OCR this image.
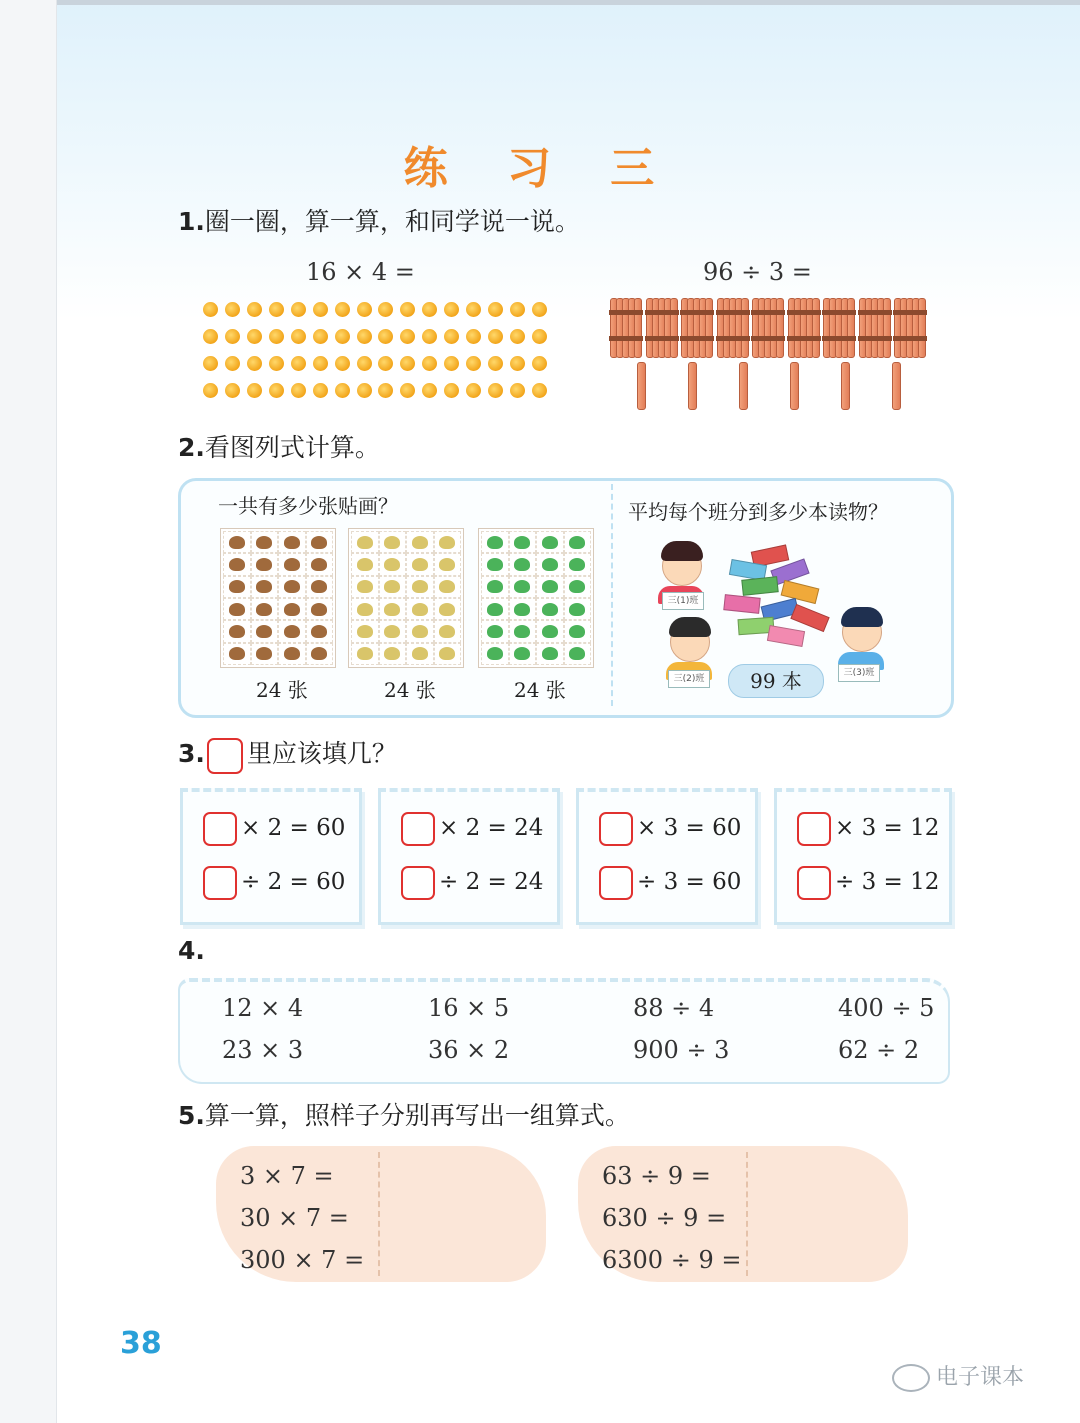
练 习 三
1.圈一圈，算一算，和同学说一说。
16 × 4 =	96 ÷ 3 =
2.看图列式计算。
一共有多少张贴画？
24 张	24 张	24 张
平均每个班分到多少本读物？
三(1)班
三(2)班
三(3)班
99 本
3. 里应该填几？
× 2 = 60
÷ 2 = 60
× 2 = 24
÷ 2 = 24
× 3 = 60
÷ 3 = 60
× 3 = 12
÷ 3 = 12
4.
12 × 4	16 × 5	88 ÷ 4	400 ÷ 5
23 × 3	36 × 2	900 ÷ 3	62 ÷ 2
5.算一算，照样子分别再写出一组算式。
3 × 7 =
30 × 7 =
300 × 7 =
63 ÷ 9 =
630 ÷ 9 =
6300 ÷ 9 =
38
电子课本
